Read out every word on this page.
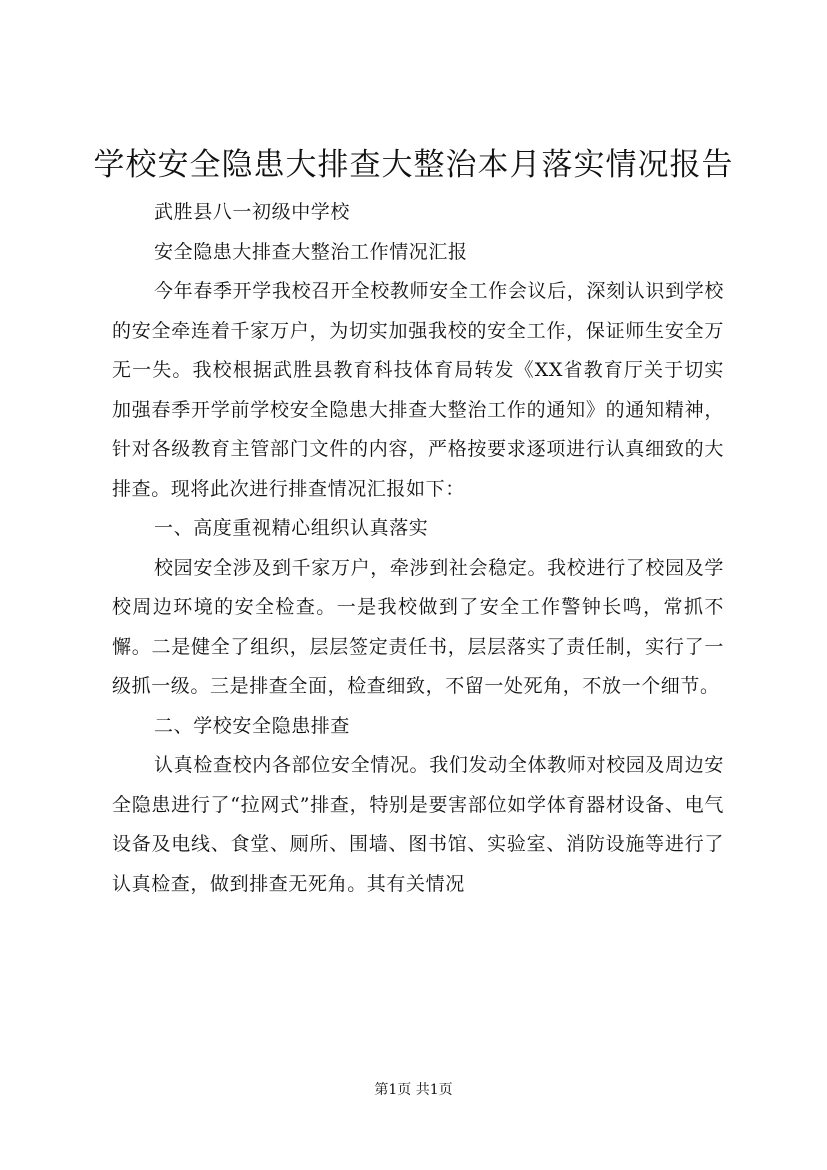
学校安全隐患大排查大整治本月落实情况报告

武胜县八一初级中学校

安全隐患大排查大整治工作情况汇报

今年春季开学我校召开全校教师安全工作会议后，深刻认识到学校的安全牵连着千家万户，为切实加强我校的安全工作，保证师生安全万无一失。我校根据武胜县教育科技体育局转发《XX省教育厅关于切实加强春季开学前学校安全隐患大排查大整治工作的通知》的通知精神，针对各级教育主管部门文件的内容，严格按要求逐项进行认真细致的大排查。现将此次进行排查情况汇报如下：

一、高度重视精心组织认真落实

校园安全涉及到千家万户，牵涉到社会稳定。我校进行了校园及学校周边环境的安全检查。一是我校做到了安全工作警钟长鸣，常抓不懈。二是健全了组织，层层签定责任书，层层落实了责任制，实行了一级抓一级。三是排查全面，检查细致，不留一处死角，不放一个细节。

二、学校安全隐患排查

认真检查校内各部位安全情况。我们发动全体教师对校园及周边安全隐患进行了“拉网式”排查，特别是要害部位如学体育器材设备、电气设备及电线、食堂、厕所、围墙、图书馆、实验室、消防设施等进行了认真检查，做到排查无死角。其有关情况

第1页 共1页
